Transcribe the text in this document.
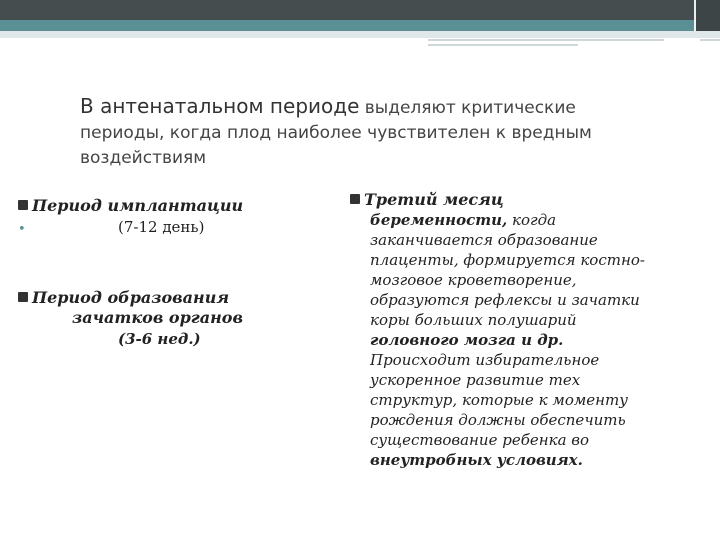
В антенатальном периоде выделяют критические
периоды, когда плод наиболее чувствителен к вредным
воздействиям
Период имплантации
•	(7-12 день)
Период образования
зачатков органов
(3-6 нед.)
Третий месяц
беременности, когда
заканчивается образование
плаценты, формируется костно-
мозговое кроветворение,
образуются рефлексы и зачатки
коры больших полушарий
головного мозга и др.
Происходит избирательное
ускоренное развитие тех
структур, которые к моменту
рождения должны обеспечить
существование ребенка во
внеутробных условиях.
